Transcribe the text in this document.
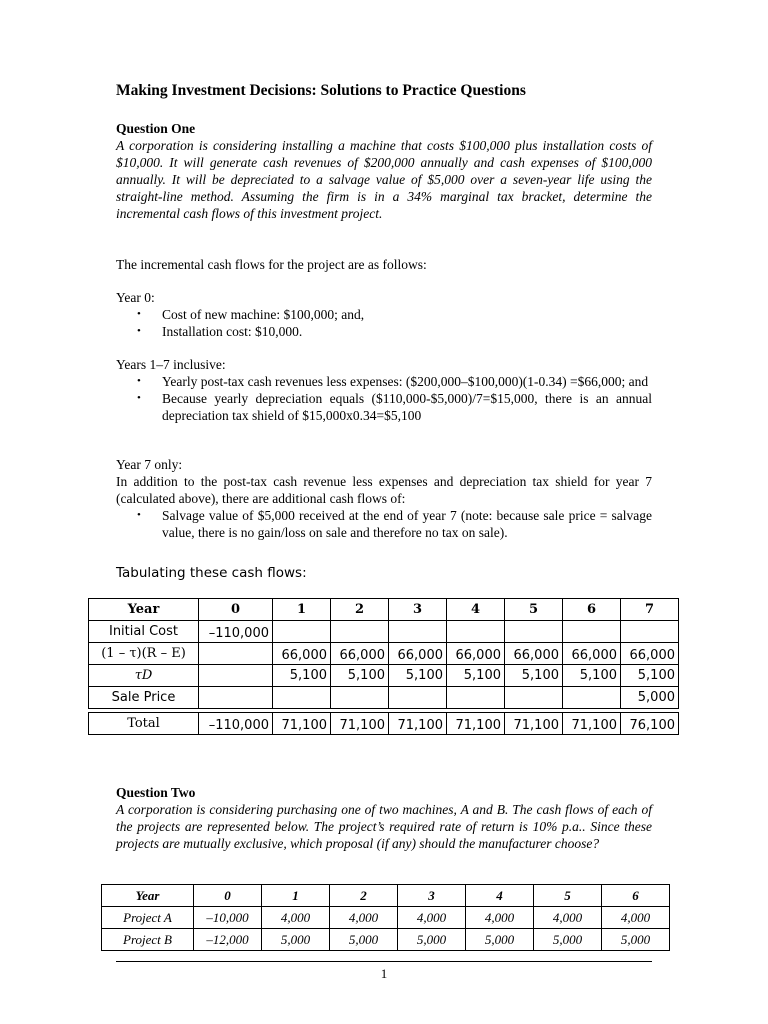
Making Investment Decisions: Solutions to Practice Questions
Question One
A corporation is considering installing a machine that costs $100,000 plus installation costs of $10,000. It will generate cash revenues of $200,000 annually and cash expenses of $100,000 annually. It will be depreciated to a salvage value of $5,000 over a seven-year life using the straight-line method. Assuming the firm is in a 34% marginal tax bracket, determine the incremental cash flows of this investment project.
The incremental cash flows for the project are as follows:
Year 0:
• Cost of new machine: $100,000; and,
• Installation cost: $10,000.
Years 1–7 inclusive:
• Yearly post-tax cash revenues less expenses: ($200,000–$100,000)(1-0.34) =$66,000; and
• Because yearly depreciation equals ($110,000-$5,000)/7=$15,000, there is an annual depreciation tax shield of $15,000x0.34=$5,100
Year 7 only:
In addition to the post-tax cash revenue less expenses and depreciation tax shield for year 7 (calculated above), there are additional cash flows of:
• Salvage value of $5,000 received at the end of year 7 (note: because sale price = salvage value, there is no gain/loss on sale and therefore no tax on sale).
Tabulating these cash flows:
Year	0	1	2	3	4	5	6	7
Initial Cost	–110,000							

(1 – τ)(R – E)		66,000	66,000	66,000	66,000	66,000	66,000	66,000

τD		5,100	5,100	5,100	5,100	5,100	5,100	5,100
Sale Price								5,000

Total	–110,000	71,100	71,100	71,100	71,100	71,100	71,100	76,100
Question Two
A corporation is considering purchasing one of two machines, A and B. The cash flows of each of the projects are represented below. The project’s required rate of return is 10% p.a.. Since these projects are mutually exclusive, which proposal (if any) should the manufacturer choose?
Year	0	1	2	3	4	5	6
Project A	–10,000	4,000	4,000	4,000	4,000	4,000	4,000
Project B	–12,000	5,000	5,000	5,000	5,000	5,000	5,000
1
